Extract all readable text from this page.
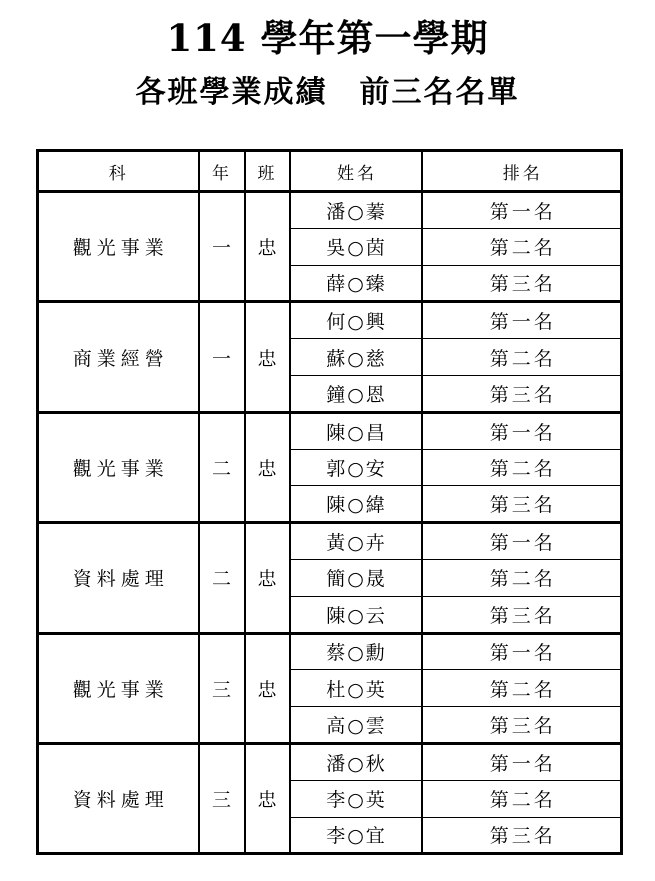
114 學年第一學期
各班學業成績　前三名名單
科	年	班	姓名	排名
觀光事業	一	忠	潘○蓁	第一名
			吳○茵	第二名
			薛○臻	第三名
商業經營	一	忠	何○興	第一名
			蘇○慈	第二名
			鐘○恩	第三名
觀光事業	二	忠	陳○昌	第一名
			郭○安	第二名
			陳○緯	第三名
資料處理	二	忠	黃○卉	第一名
			簡○晟	第二名
			陳○云	第三名
觀光事業	三	忠	蔡○勳	第一名
			杜○英	第二名
			高○雲	第三名
資料處理	三	忠	潘○秋	第一名
			李○英	第二名
			李○宜	第三名
